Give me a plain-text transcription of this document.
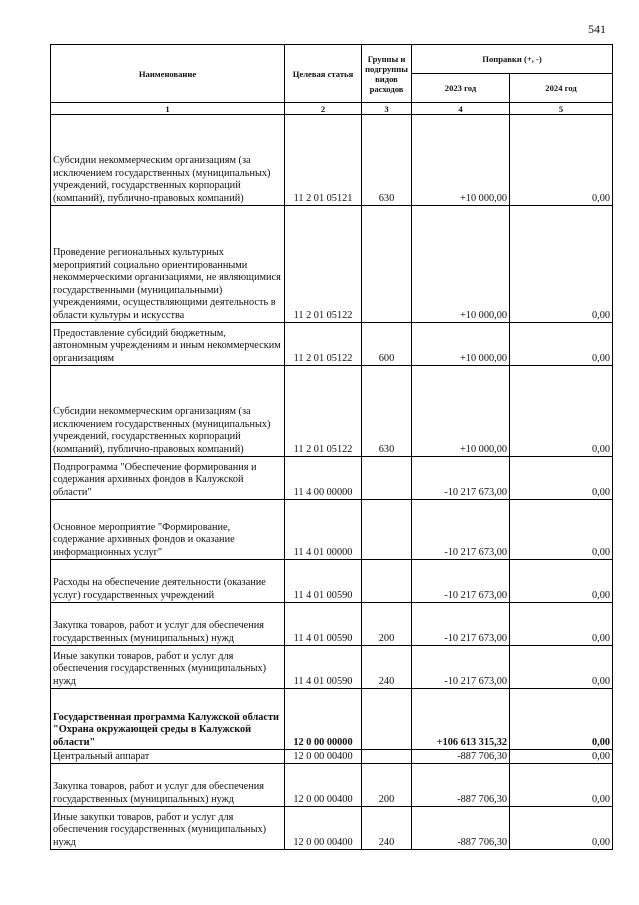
541
Наименование	Целевая статья	Группы и подгруппы видов расходов	Поправки (+, -)	
			2023 год	2024 год
1	2	3	4	5
Субсидии некоммерческим организациям (за исключением государственных (муниципальных) учреждений, государственных корпораций (компаний), публично-правовых компаний)	11 2 01 05121	630	+10 000,00	0,00
Проведение региональных культурных мероприятий социально ориентированными некоммерческими организациями, не являющимися государственными (муниципальными) учреждениями, осуществляющими деятельность в области культуры и искусства	11 2 01 05122		+10 000,00	0,00
Предоставление субсидий бюджетным, автономным учреждениям и иным некоммерческим организациям	11 2 01 05122	600	+10 000,00	0,00
Субсидии некоммерческим организациям (за исключением государственных (муниципальных) учреждений, государственных корпораций (компаний), публично-правовых компаний)	11 2 01 05122	630	+10 000,00	0,00
Подпрограмма "Обеспечение формирования и содержания архивных фондов в Калужской области"	11 4 00 00000		-10 217 673,00	0,00
Основное мероприятие "Формирование, содержание архивных фондов и оказание информационных услуг"	11 4 01 00000		-10 217 673,00	0,00
Расходы на обеспечение деятельности (оказание услуг) государственных учреждений	11 4 01 00590		-10 217 673,00	0,00
Закупка товаров, работ и услуг для обеспечения государственных (муниципальных) нужд	11 4 01 00590	200	-10 217 673,00	0,00
Иные закупки товаров, работ и услуг для обеспечения государственных (муниципальных) нужд	11 4 01 00590	240	-10 217 673,00	0,00
Государственная программа Калужской области "Охрана окружающей среды в Калужской области"	12 0 00 00000		+106 613 315,32	0,00
Центральный аппарат	12 0 00 00400		-887 706,30	0,00
Закупка товаров, работ и услуг для обеспечения государственных (муниципальных) нужд	12 0 00 00400	200	-887 706,30	0,00
Иные закупки товаров, работ и услуг для обеспечения государственных (муниципальных) нужд	12 0 00 00400	240	-887 706,30	0,00
